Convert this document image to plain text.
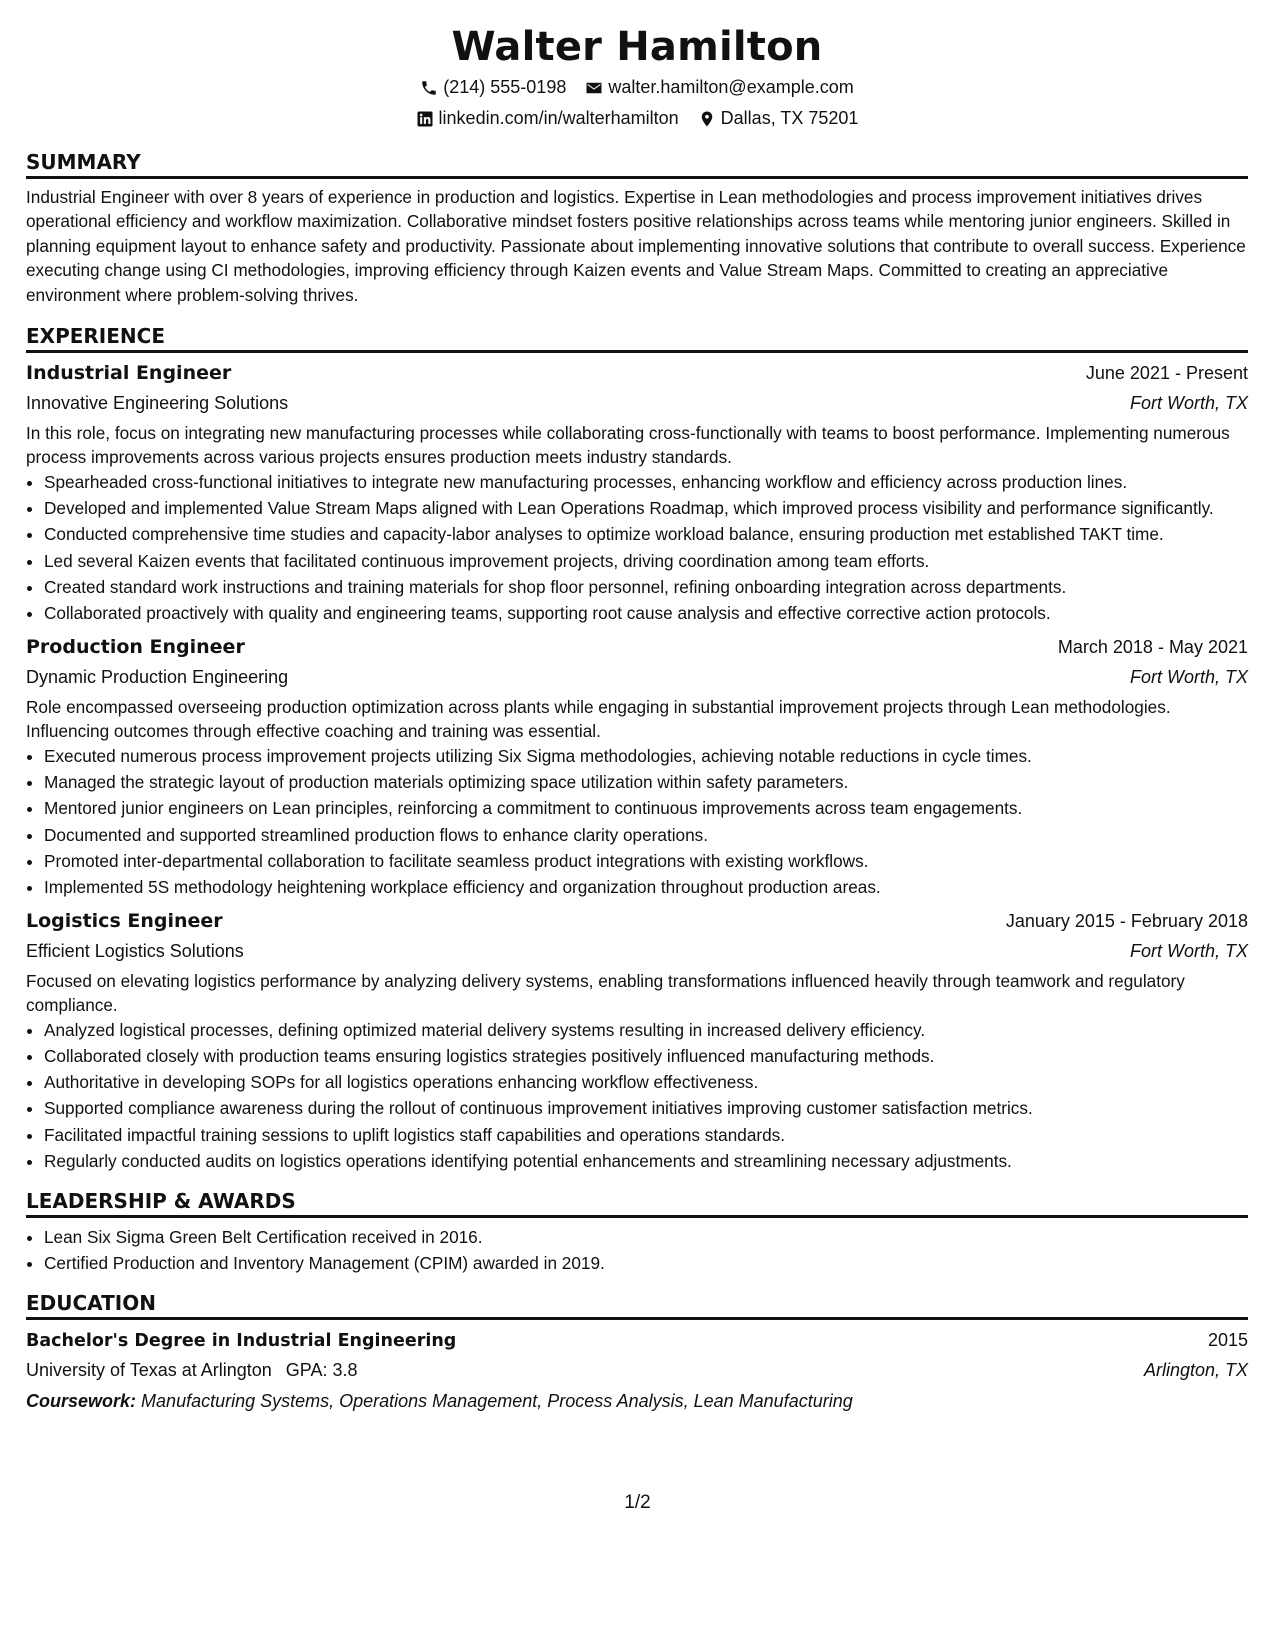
Walter Hamilton
(214) 555-0198
walter.hamilton@example.com
linkedin.com/in/walterhamilton
Dallas, TX 75201
SUMMARY
Industrial Engineer with over 8 years of experience in production and logistics. Expertise in Lean methodologies and process improvement initiatives drives operational efficiency and workflow maximization. Collaborative mindset fosters positive relationships across teams while mentoring junior engineers. Skilled in planning equipment layout to enhance safety and productivity. Passionate about implementing innovative solutions that contribute to overall success. Experience executing change using CI methodologies, improving efficiency through Kaizen events and Value Stream Maps. Committed to creating an appreciative environment where problem-solving thrives.
EXPERIENCE
Industrial Engineer	June 2021 - Present
Innovative Engineering Solutions	Fort Worth, TX
In this role, focus on integrating new manufacturing processes while collaborating cross-functionally with teams to boost performance. Implementing numerous process improvements across various projects ensures production meets industry standards.
• Spearheaded cross-functional initiatives to integrate new manufacturing processes, enhancing workflow and efficiency across production lines.
• Developed and implemented Value Stream Maps aligned with Lean Operations Roadmap, which improved process visibility and performance significantly.
• Conducted comprehensive time studies and capacity-labor analyses to optimize workload balance, ensuring production met established TAKT time.
• Led several Kaizen events that facilitated continuous improvement projects, driving coordination among team efforts.
• Created standard work instructions and training materials for shop floor personnel, refining onboarding integration across departments.
• Collaborated proactively with quality and engineering teams, supporting root cause analysis and effective corrective action protocols.
Production Engineer	March 2018 - May 2021
Dynamic Production Engineering	Fort Worth, TX
Role encompassed overseeing production optimization across plants while engaging in substantial improvement projects through Lean methodologies. Influencing outcomes through effective coaching and training was essential.
• Executed numerous process improvement projects utilizing Six Sigma methodologies, achieving notable reductions in cycle times.
• Managed the strategic layout of production materials optimizing space utilization within safety parameters.
• Mentored junior engineers on Lean principles, reinforcing a commitment to continuous improvements across team engagements.
• Documented and supported streamlined production flows to enhance clarity operations.
• Promoted inter-departmental collaboration to facilitate seamless product integrations with existing workflows.
• Implemented 5S methodology heightening workplace efficiency and organization throughout production areas.
Logistics Engineer	January 2015 - February 2018
Efficient Logistics Solutions	Fort Worth, TX
Focused on elevating logistics performance by analyzing delivery systems, enabling transformations influenced heavily through teamwork and regulatory compliance.
• Analyzed logistical processes, defining optimized material delivery systems resulting in increased delivery efficiency.
• Collaborated closely with production teams ensuring logistics strategies positively influenced manufacturing methods.
• Authoritative in developing SOPs for all logistics operations enhancing workflow effectiveness.
• Supported compliance awareness during the rollout of continuous improvement initiatives improving customer satisfaction metrics.
• Facilitated impactful training sessions to uplift logistics staff capabilities and operations standards.
• Regularly conducted audits on logistics operations identifying potential enhancements and streamlining necessary adjustments.
LEADERSHIP & AWARDS
• Lean Six Sigma Green Belt Certification received in 2016.
• Certified Production and Inventory Management (CPIM) awarded in 2019.
EDUCATION
Bachelor's Degree in Industrial Engineering	2015
University of Texas at Arlington GPA: 3.8	Arlington, TX
Coursework: Manufacturing Systems, Operations Management, Process Analysis, Lean Manufacturing
1/2
